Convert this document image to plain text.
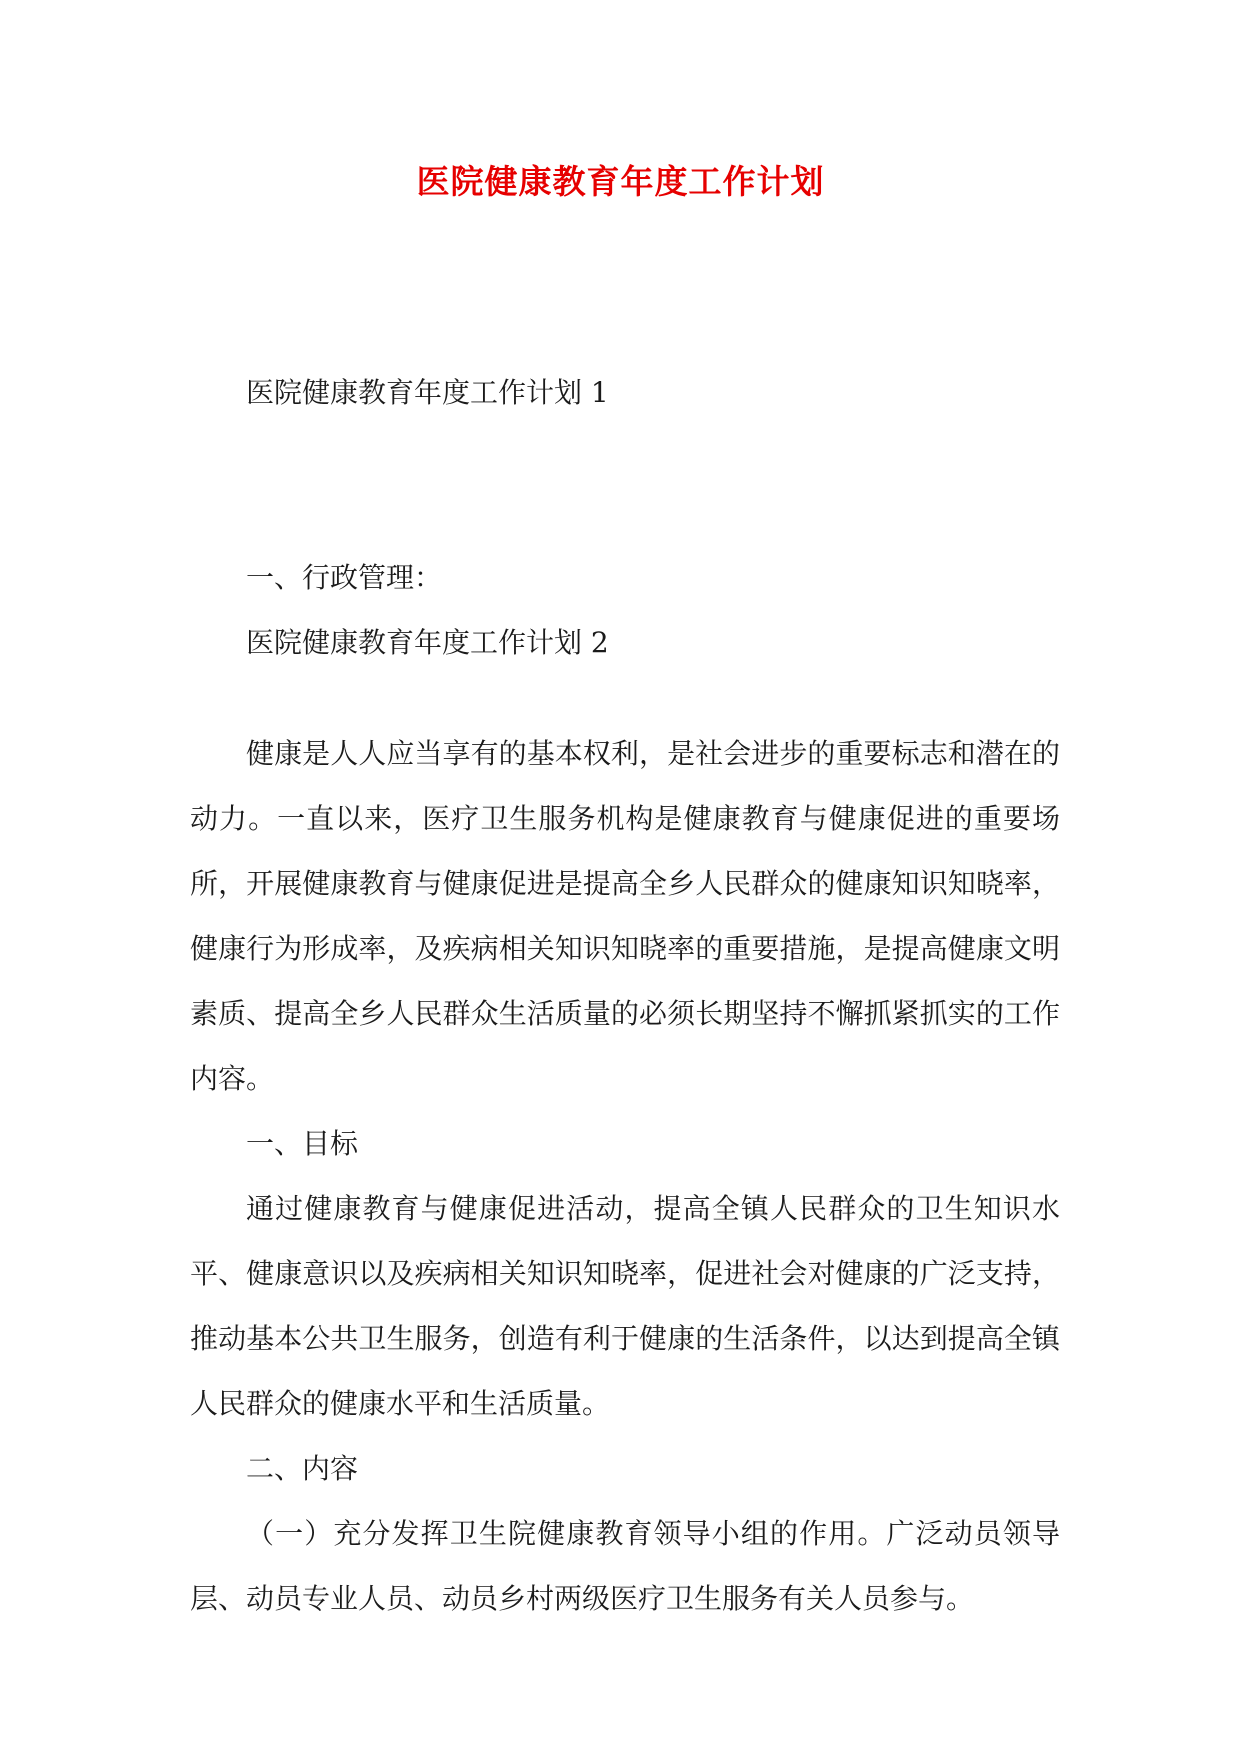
医院健康教育年度工作计划

医院健康教育年度工作计划 1

一、行政管理：

医院健康教育年度工作计划 2

健康是人人应当享有的基本权利，是社会进步的重要标志和潜在的动力。一直以来，医疗卫生服务机构是健康教育与健康促进的重要场所，开展健康教育与健康促进是提高全乡人民群众的健康知识知晓率，健康行为形成率，及疾病相关知识知晓率的重要措施，是提高健康文明素质、提高全乡人民群众生活质量的必须长期坚持不懈抓紧抓实的工作内容。

一、目标

通过健康教育与健康促进活动，提高全镇人民群众的卫生知识水平、健康意识以及疾病相关知识知晓率，促进社会对健康的广泛支持，推动基本公共卫生服务，创造有利于健康的生活条件，以达到提高全镇人民群众的健康水平和生活质量。

二、内容

（一）充分发挥卫生院健康教育领导小组的作用。广泛动员领导层、动员专业人员、动员乡村两级医疗卫生服务有关人员参与。
